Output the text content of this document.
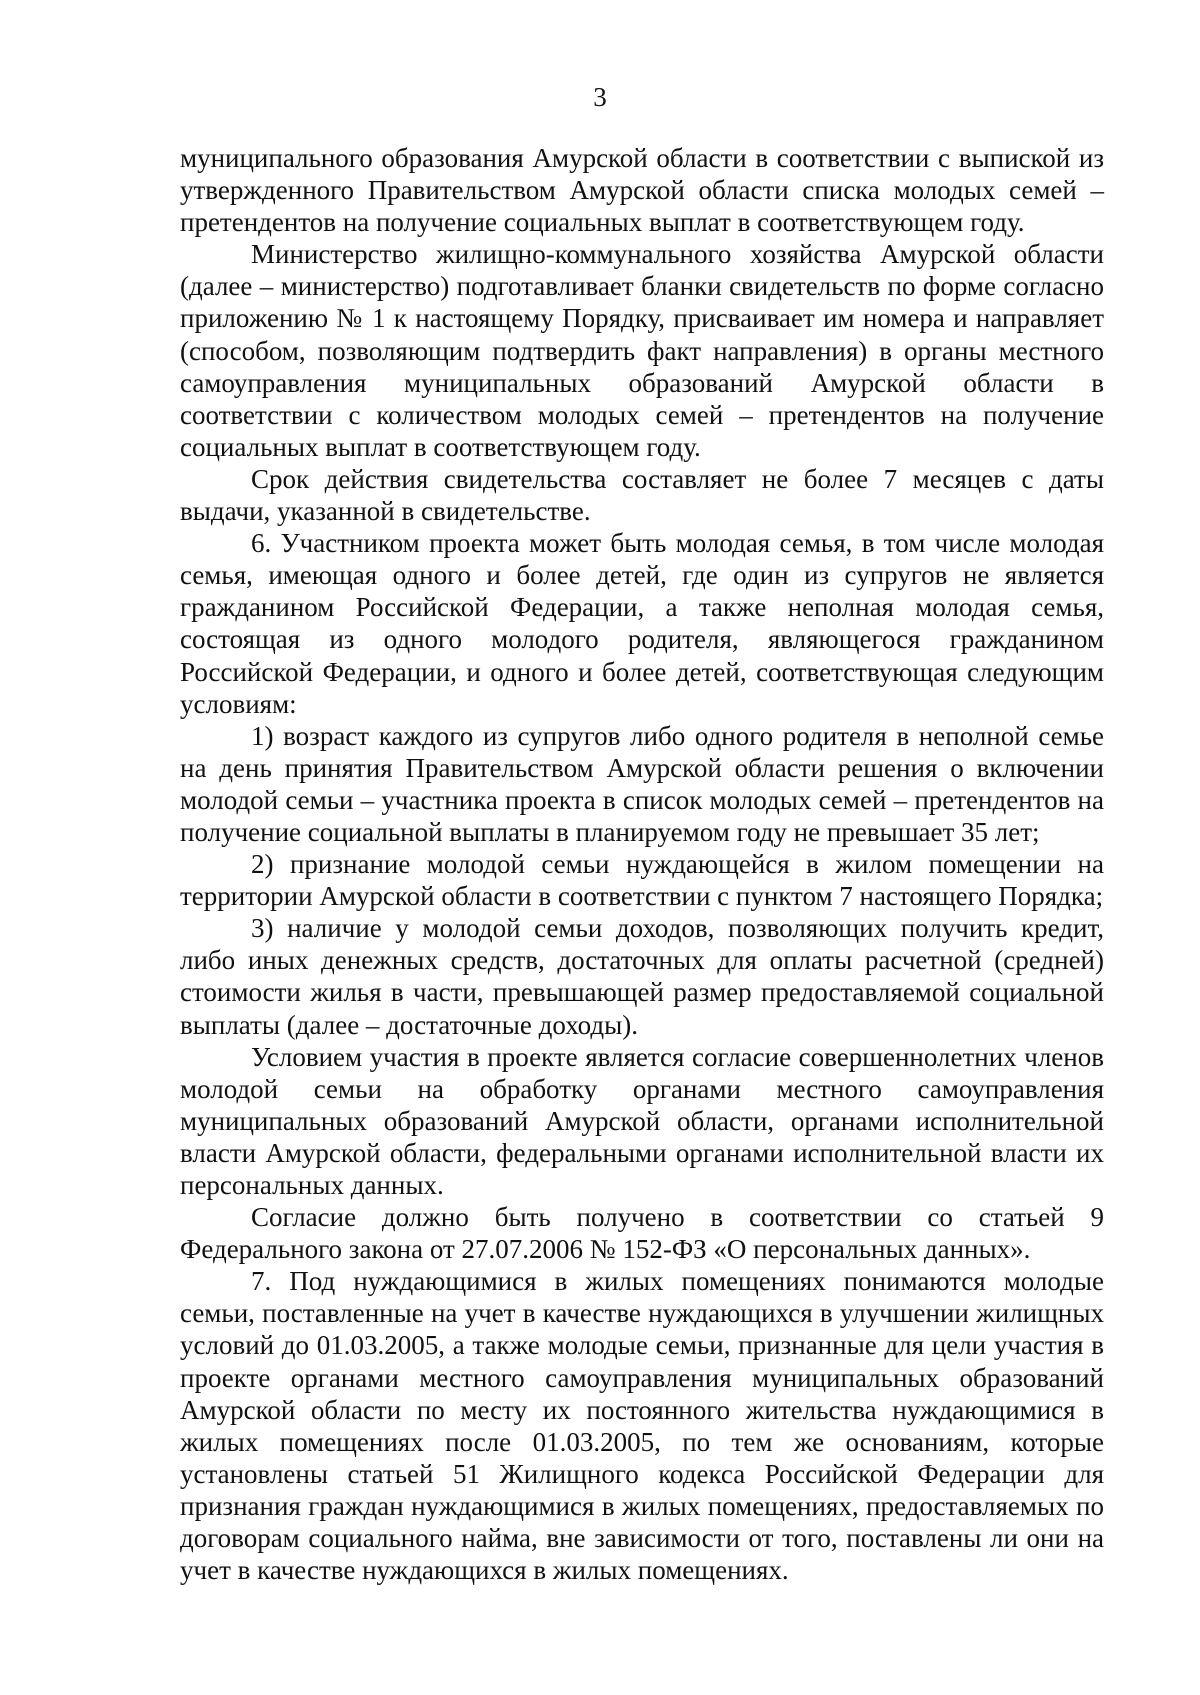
3

муниципального образования Амурской области в соответствии с выпиской из утвержденного Правительством Амурской области списка молодых семей – претендентов на получение социальных выплат в соответствующем году.

Министерство жилищно-коммунального хозяйства Амурской области (далее – министерство) подготавливает бланки свидетельств по форме согласно приложению № 1 к настоящему Порядку, присваивает им номера и направляет (способом, позволяющим подтвердить факт направления) в органы местного самоуправления муниципальных образований Амурской области в соответствии с количеством молодых семей – претендентов на получение социальных выплат в соответствующем году.

Срок действия свидетельства составляет не более 7 месяцев с даты выдачи, указанной в свидетельстве.

6. Участником проекта может быть молодая семья, в том числе молодая семья, имеющая одного и более детей, где один из супругов не является гражданином Российской Федерации, а также неполная молодая семья, состоящая из одного молодого родителя, являющегося гражданином Российской Федерации, и одного и более детей, соответствующая следующим условиям:

1) возраст каждого из супругов либо одного родителя в неполной семье на день принятия Правительством Амурской области решения о включении молодой семьи – участника проекта в список молодых семей – претендентов на получение социальной выплаты в планируемом году не превышает 35 лет;

2) признание молодой семьи нуждающейся в жилом помещении на территории Амурской области в соответствии с пунктом 7 настоящего Порядка;

3) наличие у молодой семьи доходов, позволяющих получить кредит, либо иных денежных средств, достаточных для оплаты расчетной (средней) стоимости жилья в части, превышающей размер предоставляемой социальной выплаты (далее – достаточные доходы).

Условием участия в проекте является согласие совершеннолетних членов молодой семьи на обработку органами местного самоуправления муниципальных образований Амурской области, органами исполнительной власти Амурской области, федеральными органами исполнительной власти их персональных данных.

Согласие должно быть получено в соответствии со статьей 9 Федерального закона от 27.07.2006 № 152-ФЗ «О персональных данных».

7. Под нуждающимися в жилых помещениях понимаются молодые семьи, поставленные на учет в качестве нуждающихся в улучшении жилищных условий до 01.03.2005, а также молодые семьи, признанные для цели участия в проекте органами местного самоуправления муниципальных образований Амурской области по месту их постоянного жительства нуждающимися в жилых помещениях после 01.03.2005, по тем же основаниям, которые установлены статьей 51 Жилищного кодекса Российской Федерации для признания граждан нуждающимися в жилых помещениях, предоставляемых по договорам социального найма, вне зависимости от того, поставлены ли они на учет в качестве нуждающихся в жилых помещениях.
